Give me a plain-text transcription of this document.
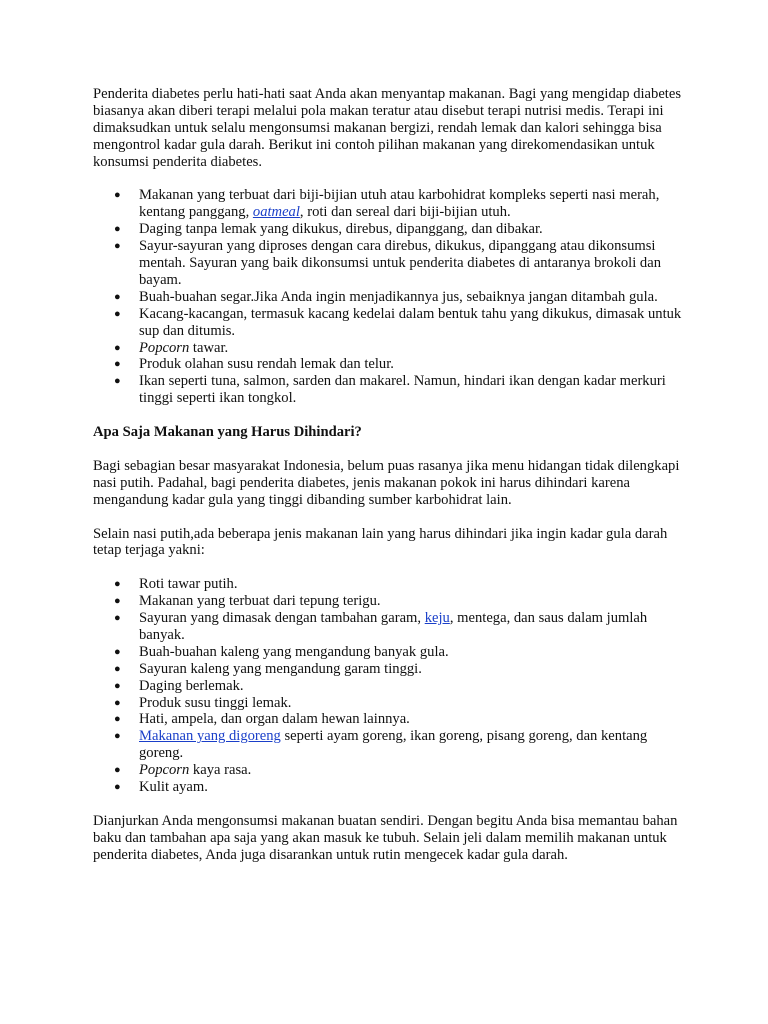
Penderita diabetes perlu hati-hati saat Anda akan menyantap makanan. Bagi yang mengidap diabetes biasanya akan diberi terapi melalui pola makan teratur atau disebut terapi nutrisi medis. Terapi ini dimaksudkan untuk selalu mengonsumsi makanan bergizi, rendah lemak dan kalori sehingga bisa mengontrol kadar gula darah. Berikut ini contoh pilihan makanan yang direkomendasikan untuk konsumsi penderita diabetes.

● Makanan yang terbuat dari biji-bijian utuh atau karbohidrat kompleks seperti nasi merah, kentang panggang, oatmeal, roti dan sereal dari biji-bijian utuh.
● Daging tanpa lemak yang dikukus, direbus, dipanggang, dan dibakar.
● Sayur-sayuran yang diproses dengan cara direbus, dikukus, dipanggang atau dikonsumsi mentah. Sayuran yang baik dikonsumsi untuk penderita diabetes di antaranya brokoli dan bayam.
● Buah-buahan segar.Jika Anda ingin menjadikannya jus, sebaiknya jangan ditambah gula.
● Kacang-kacangan, termasuk kacang kedelai dalam bentuk tahu yang dikukus, dimasak untuk sup dan ditumis.
● Popcorn tawar.
● Produk olahan susu rendah lemak dan telur.
● Ikan seperti tuna, salmon, sarden dan makarel. Namun, hindari ikan dengan kadar merkuri tinggi seperti ikan tongkol.

Apa Saja Makanan yang Harus Dihindari?

Bagi sebagian besar masyarakat Indonesia, belum puas rasanya jika menu hidangan tidak dilengkapi nasi putih. Padahal, bagi penderita diabetes, jenis makanan pokok ini harus dihindari karena mengandung kadar gula yang tinggi dibanding sumber karbohidrat lain.

Selain nasi putih,ada beberapa jenis makanan lain yang harus dihindari jika ingin kadar gula darah tetap terjaga yakni:

● Roti tawar putih.
● Makanan yang terbuat dari tepung terigu.
● Sayuran yang dimasak dengan tambahan garam, keju, mentega, dan saus dalam jumlah banyak.
● Buah-buahan kaleng yang mengandung banyak gula.
● Sayuran kaleng yang mengandung garam tinggi.
● Daging berlemak.
● Produk susu tinggi lemak.
● Hati, ampela, dan organ dalam hewan lainnya.
● Makanan yang digoreng seperti ayam goreng, ikan goreng, pisang goreng, dan kentang goreng.
● Popcorn kaya rasa.
● Kulit ayam.

Dianjurkan Anda mengonsumsi makanan buatan sendiri. Dengan begitu Anda bisa memantau bahan baku dan tambahan apa saja yang akan masuk ke tubuh. Selain jeli dalam memilih makanan untuk penderita diabetes, Anda juga disarankan untuk rutin mengecek kadar gula darah.
